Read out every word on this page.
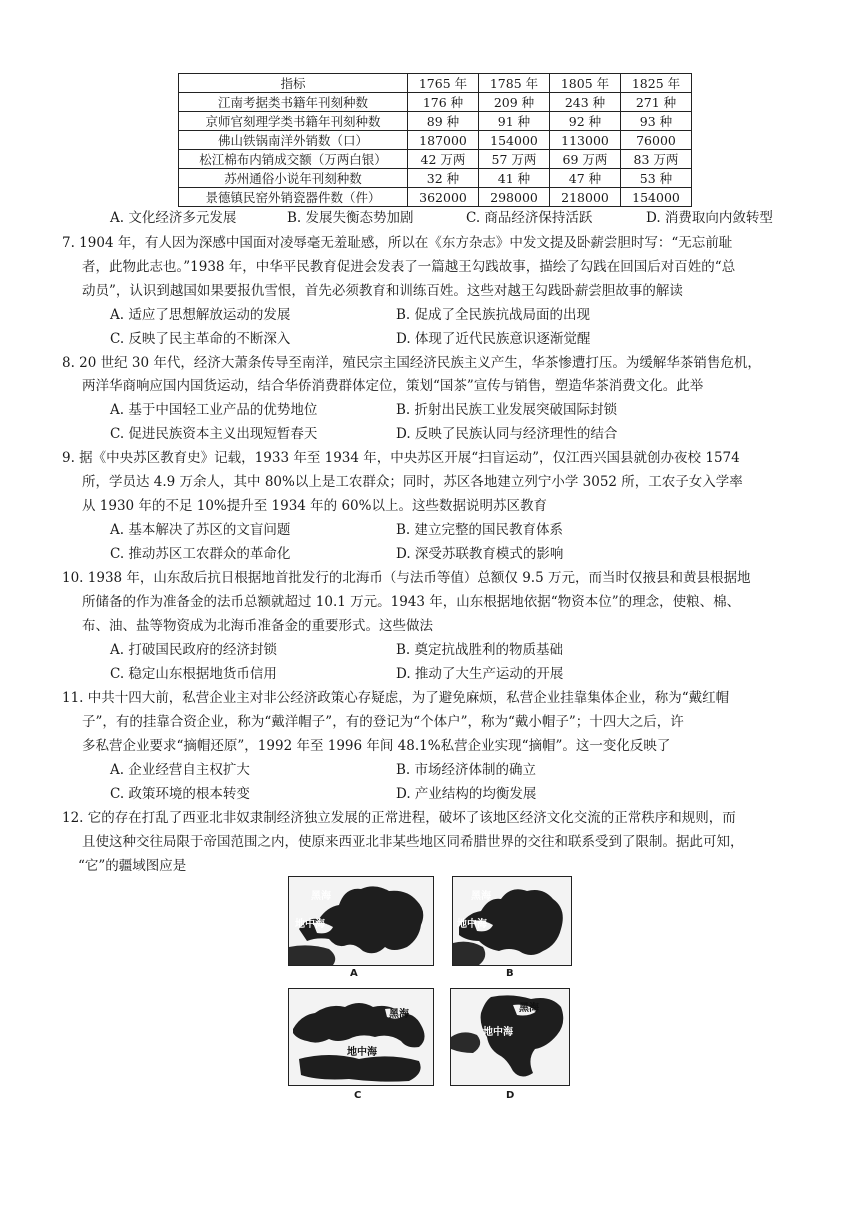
指标	1765 年	1785 年	1805 年	1825 年
江南考据类书籍年刊刻种数	176 种	209 种	243 种	271 种
京师官刻理学类书籍年刊刻种数	89 种	91 种	92 种	93 种
佛山铁锅南洋外销数（口）	187000	154000	113000	76000
松江棉布内销成交额（万两白银）	42 万两	57 万两	69 万两	83 万两
苏州通俗小说年刊刻种数	32 种	41 种	47 种	53 种
景德镇民窑外销瓷器件数（件）	362000	298000	218000	154000
A. 文化经济多元发展	B. 发展失衡态势加剧	C. 商品经济保持活跃	D. 消费取向内敛转型
7. 1904 年，有人因为深感中国面对凌辱毫无羞耻感，所以在《东方杂志》中发文提及卧薪尝胆时写：“无忘前耻
者，此物此志也。”1938 年，中华平民教育促进会发表了一篇越王勾践故事，描绘了勾践在回国后对百姓的“总
动员”，认识到越国如果要报仇雪恨，首先必须教育和训练百姓。这些对越王勾践卧薪尝胆故事的解读
A. 适应了思想解放运动的发展	B. 促成了全民族抗战局面的出现
C. 反映了民主革命的不断深入	D. 体现了近代民族意识逐渐觉醒
8. 20 世纪 30 年代，经济大萧条传导至南洋，殖民宗主国经济民族主义产生，华茶惨遭打压。为缓解华茶销售危机，
两洋华商响应国内国货运动，结合华侨消费群体定位，策划“国茶”宣传与销售，塑造华茶消费文化。此举
A. 基于中国轻工业产品的优势地位	B. 折射出民族工业发展突破国际封锁
C. 促进民族资本主义出现短暂春天	D. 反映了民族认同与经济理性的结合
9. 据《中央苏区教育史》记载，1933 年至 1934 年，中央苏区开展“扫盲运动”，仅江西兴国县就创办夜校 1574
所，学员达 4.9 万余人，其中 80%以上是工农群众；同时，苏区各地建立列宁小学 3052 所，工农子女入学率
从 1930 年的不足 10%提升至 1934 年的 60%以上。这些数据说明苏区教育
A. 基本解决了苏区的文盲问题	B. 建立完整的国民教育体系
C. 推动苏区工农群众的革命化	D. 深受苏联教育模式的影响
10. 1938 年，山东敌后抗日根据地首批发行的北海币（与法币等值）总额仅 9.5 万元，而当时仅掖县和黄县根据地
所储备的作为准备金的法币总额就超过 10.1 万元。1943 年，山东根据地依据“物资本位”的理念，使粮、棉、
布、油、盐等物资成为北海币准备金的重要形式。这些做法
A. 打破国民政府的经济封锁	B. 奠定抗战胜利的物质基础
C. 稳定山东根据地货币信用	D. 推动了大生产运动的开展
11. 中共十四大前，私营企业主对非公经济政策心存疑虑，为了避免麻烦，私营企业挂靠集体企业，称为“戴红帽
子”，有的挂靠合资企业，称为“戴洋帽子”，有的登记为“个体户”，称为“戴小帽子”；十四大之后，许
多私营企业要求“摘帽还原”，1992 年至 1996 年间 48.1%私营企业实现“摘帽”。这一变化反映了
A. 企业经营自主权扩大	B. 市场经济体制的确立
C. 政策环境的根本转变	D. 产业结构的均衡发展
12. 它的存在打乱了西亚北非奴隶制经济独立发展的正常进程，破坏了该地区经济文化交流的正常秩序和规则，而
且使这种交往局限于帝国范围之内，使原来西亚北非某些地区同希腊世界的交往和联系受到了限制。据此可知，
“它”的疆域图应是
黑海
地中海
A
黑海
地中海
B
黑海
地中海
C
黑海
地中海
D
